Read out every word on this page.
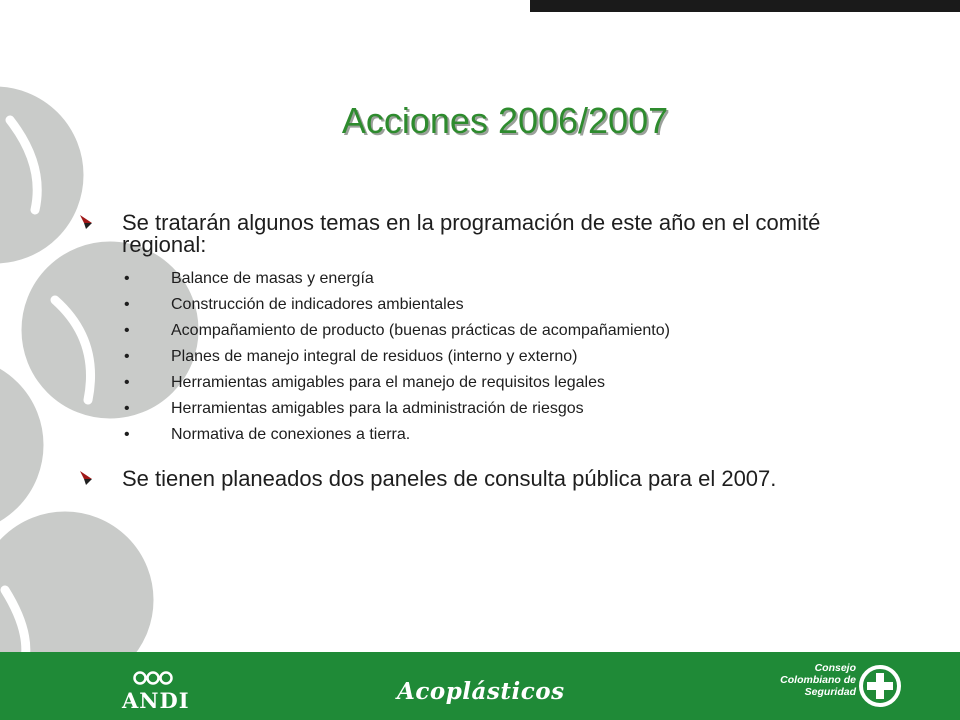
Acciones 2006/2007
Se tratarán algunos temas en la programación de este año en el comité regional:
•	Balance de masas y energía
•	Construcción de indicadores ambientales
•	Acompañamiento de producto (buenas prácticas de acompañamiento)
•	Planes de manejo integral de residuos (interno y externo)
•	Herramientas amigables para el manejo de requisitos legales
•	Herramientas amigables para la administración de riesgos
•	Normativa de conexiones a tierra.
Se tienen planeados dos paneles de consulta pública para el 2007.
ANDI	Acoplásticos
Consejo
Colombiano de
Seguridad
